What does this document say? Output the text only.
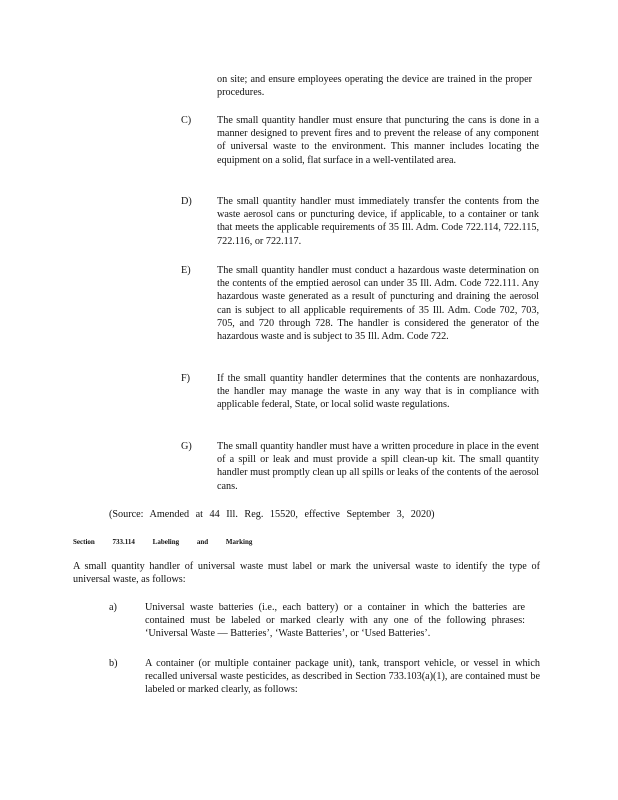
on site; and ensure employees operating the device are trained in the proper procedures.

C)	The small quantity handler must ensure that puncturing the cans is done in a manner designed to prevent fires and to prevent the release of any component of universal waste to the environment. This manner includes locating the equipment on a solid, flat surface in a well-ventilated area.

D) The small quantity handler must immediately transfer the contents from the waste aerosol cans or puncturing device, if applicable, to a container or tank that meets the applicable requirements of 35 Ill. Adm. Code 722.114, 722.115, 722.116, or 722.117.

E)	The small quantity handler must conduct a hazardous waste determination on the contents of the emptied aerosol can under 35 Ill. Adm. Code 722.111. Any hazardous waste generated as a result of puncturing and draining the aerosol can is subject to all applicable requirements of 35 Ill. Adm. Code 702, 703, 705, and 720 through 728. The handler is considered the generator of the hazardous waste and is subject to 35 Ill. Adm. Code 722.

F)	If the small quantity handler determines that the contents are nonhazardous, the handler may manage the waste in any way that is in compliance with applicable federal, State, or local solid waste regulations.

G) The small quantity handler must have a written procedure in place in the event of a spill or leak and must provide a spill clean-up kit. The small quantity handler must promptly clean up all spills or leaks of the contents of the aerosol cans.

(Source: Amended at 44 Ill. Reg. 15520, effective September 3, 2020)

Section	733.114	Labeling and Marking

A small quantity handler of universal waste must label or mark the universal waste to identify the type of universal waste, as follows:

a)	Universal waste batteries (i.e., each battery) or a container in which the batteries are contained must be labeled or marked clearly with any one of the following phrases: ‘Universal Waste — Batteries’, ‘Waste Batteries’, or ‘Used Batteries’.

b)	A container (or multiple container package unit), tank, transport vehicle, or vessel in which recalled universal waste pesticides, as described in Section 733.103(a)(1), are contained must be labeled or marked clearly, as follows:
